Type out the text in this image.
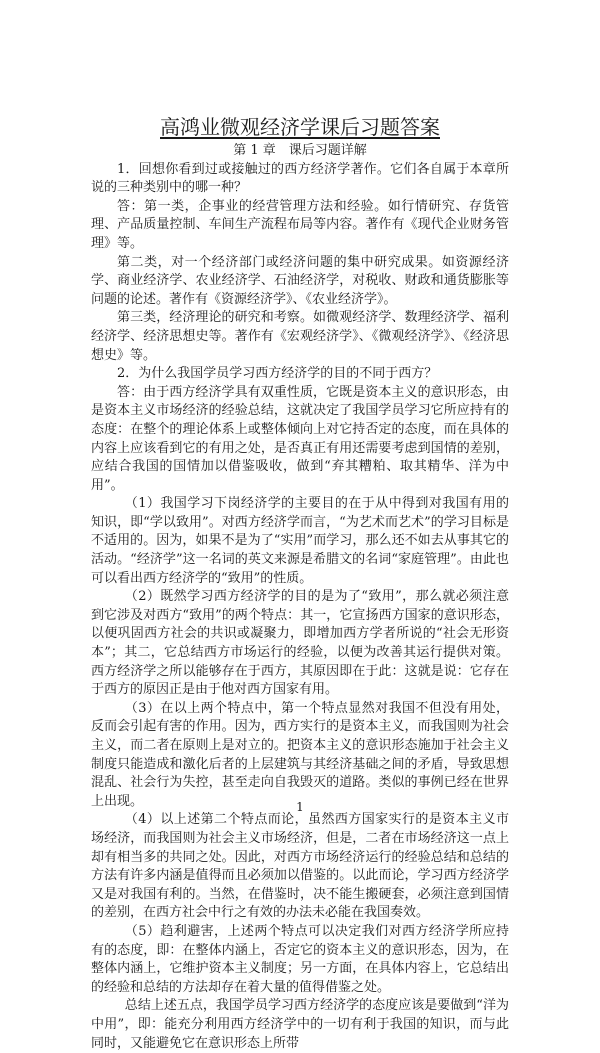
高鸿业微观经济学课后习题答案
第 1 章　课后习题详解

1．回想你看到过或接触过的西方经济学著作。它们各自属于本章所说的三种类别中的哪一种？

答：第一类，企事业的经营管理方法和经验。如行情研究、存货管理、产品质量控制、车间生产流程布局等内容。著作有《现代企业财务管理》等。

第二类，对一个经济部门或经济问题的集中研究成果。如资源经济学、商业经济学、农业经济学、石油经济学，对税收、财政和通货膨胀等问题的论述。著作有《资源经济学》、《农业经济学》。

第三类，经济理论的研究和考察。如微观经济学、数理经济学、福利经济学、经济思想史等。著作有《宏观经济学》、《微观经济学》、《经济思想史》等。

2．为什么我国学员学习西方经济学的目的不同于西方？

答：由于西方经济学具有双重性质，它既是资本主义的意识形态，由是资本主义市场经济的经验总结，这就决定了我国学员学习它所应持有的态度：在整个的理论体系上或整体倾向上对它持否定的态度，而在具体的内容上应该看到它的有用之处，是否真正有用还需要考虑到国情的差别，应结合我国的国情加以借鉴吸收，做到“弃其糟粕、取其精华、洋为中用”。

（1）我国学习下岗经济学的主要目的在于从中得到对我国有用的知识，即“学以致用”。对西方经济学而言，“为艺术而艺术”的学习目标是不适用的。因为，如果不是为了“实用”而学习，那么还不如去从事其它的活动。“经济学”这一名词的英文来源是希腊文的名词“家庭管理”。由此也可以看出西方经济学的“致用”的性质。

（2）既然学习西方经济学的目的是为了“致用”，那么就必须注意到它涉及对西方“致用”的两个特点：其一，它宣扬西方国家的意识形态，以便巩固西方社会的共识或凝聚力，即增加西方学者所说的“社会无形资本”；其二，它总结西方市场运行的经验，以便为改善其运行提供对策。西方经济学之所以能够存在于西方，其原因即在于此：这就是说：它存在于西方的原因正是由于他对西方国家有用。

（3）在以上两个特点中，第一个特点显然对我国不但没有用处，反而会引起有害的作用。因为，西方实行的是资本主义，而我国则为社会主义，而二者在原则上是对立的。把资本主义的意识形态施加于社会主义制度只能造成和激化后者的上层建筑与其经济基础之间的矛盾，导致思想混乱、社会行为失控，甚至走向自我毁灭的道路。类似的事例已经在世界上出现。

（4）以上述第二个特点而论，虽然西方国家实行的是资本主义市场经济，而我国则为社会主义市场经济，但是，二者在市场经济这一点上却有相当多的共同之处。因此，对西方市场经济运行的经验总结和总结的方法有许多内涵是值得而且必须加以借鉴的。以此而论，学习西方经济学又是对我国有利的。当然，在借鉴时，决不能生搬硬套，必须注意到国情的差别，在西方社会中行之有效的办法未必能在我国奏效。

（5）趋利避害，上述两个特点可以决定我们对西方经济学所应持有的态度，即：在整体内涵上，否定它的资本主义的意识形态，因为，在整体内涵上，它维护资本主义制度；另一方面，在具体内容上，它总结出的经验和总结的方法却存在着大量的值得借鉴之处。

总结上述五点，我国学员学习西方经济学的态度应该是要做到“洋为中用”，即：能充分利用西方经济学中的一切有利于我国的知识，而与此同时，又能避免它在意识形态上所带

1
